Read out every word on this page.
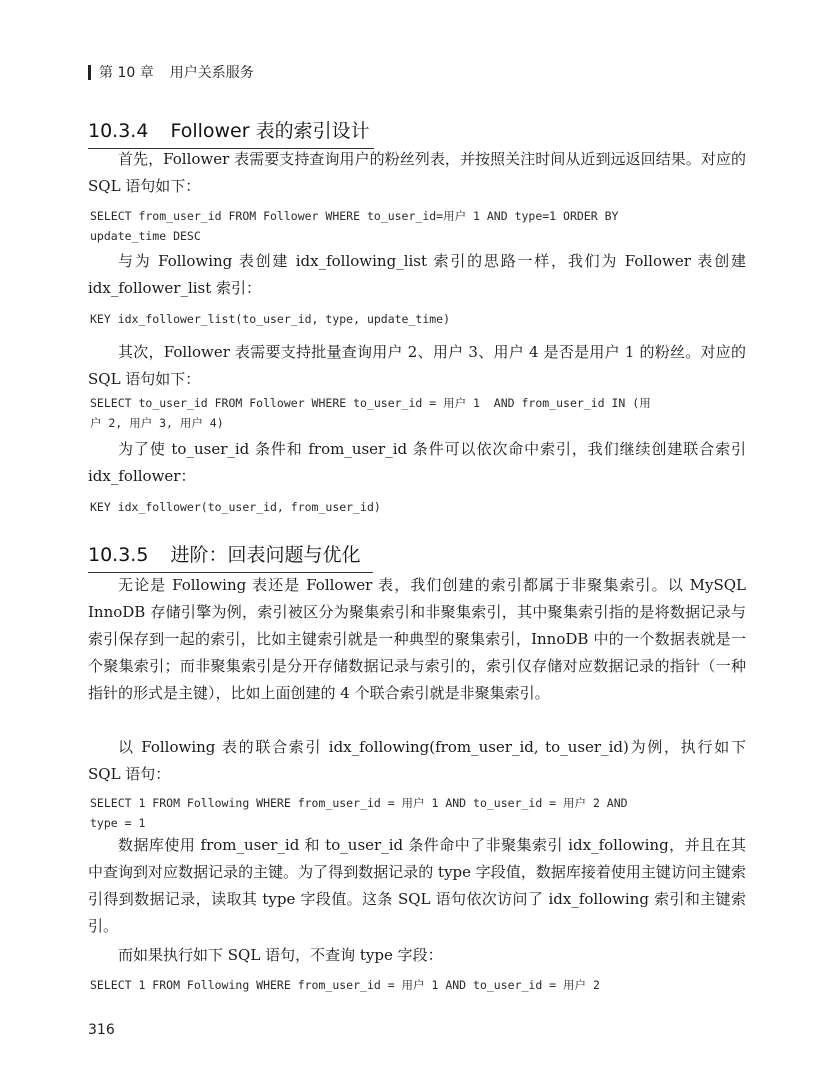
第 10 章 用户关系服务
10.3.4 Follower 表的索引设计

首先，Follower 表需要支持查询用户的粉丝列表，并按照关注时间从近到远返回结果。对应的 SQL 语句如下：

SELECT from_user_id FROM Follower WHERE to_user_id=用户 1 AND type=1 ORDER BY
update_time DESC

与为 Following 表创建 idx_following_list 索引的思路一样，我们为 Follower 表创建 idx_follower_list 索引：

KEY idx_follower_list(to_user_id, type, update_time)

其次，Follower 表需要支持批量查询用户 2、用户 3、用户 4 是否是用户 1 的粉丝。对应的 SQL 语句如下：

SELECT to_user_id FROM Follower WHERE to_user_id = 用户 1  AND from_user_id IN (用
户 2, 用户 3, 用户 4)

为了使 to_user_id 条件和 from_user_id 条件可以依次命中索引，我们继续创建联合索引 idx_follower：

KEY idx_follower(to_user_id, from_user_id)
10.3.5 进阶：回表问题与优化

无论是 Following 表还是 Follower 表，我们创建的索引都属于非聚集索引。以 MySQL InnoDB 存储引擎为例，索引被区分为聚集索引和非聚集索引，其中聚集索引指的是将数据记录与索引保存到一起的索引，比如主键索引就是一种典型的聚集索引，InnoDB 中的一个数据表就是一个聚集索引；而非聚集索引是分开存储数据记录与索引的，索引仅存储对应数据记录的指针（一种指针的形式是主键），比如上面创建的 4 个联合索引就是非聚集索引。

以 Following 表的联合索引 idx_following(from_user_id, to_user_id)为例，执行如下 SQL 语句：

SELECT 1 FROM Following WHERE from_user_id = 用户 1 AND to_user_id = 用户 2 AND
type = 1

数据库使用 from_user_id 和 to_user_id 条件命中了非聚集索引 idx_following，并且在其中查询到对应数据记录的主键。为了得到数据记录的 type 字段值，数据库接着使用主键访问主键索引得到数据记录，读取其 type 字段值。这条 SQL 语句依次访问了 idx_following 索引和主键索引。

而如果执行如下 SQL 语句，不查询 type 字段：

SELECT 1 FROM Following WHERE from_user_id = 用户 1 AND to_user_id = 用户 2
316
